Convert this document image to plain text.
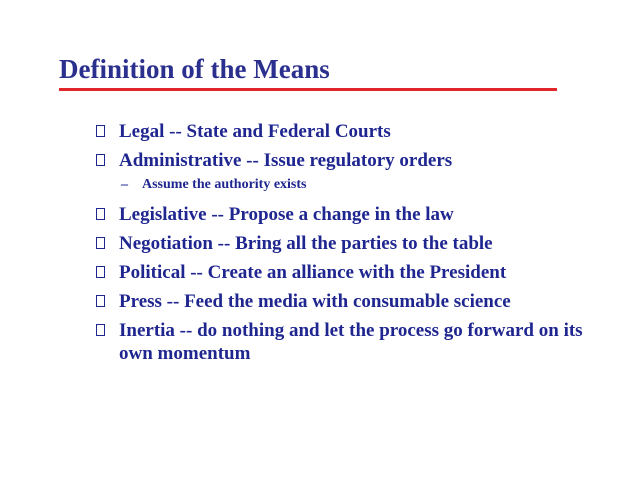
Definition of the Means
Legal -- State and Federal Courts
Administrative -- Issue regulatory orders
– Assume the authority exists
Legislative -- Propose a change in the law
Negotiation -- Bring all the parties to the table
Political -- Create an alliance with the President
Press -- Feed the media with consumable science
Inertia -- do nothing and let the process go forward on its own momentum
